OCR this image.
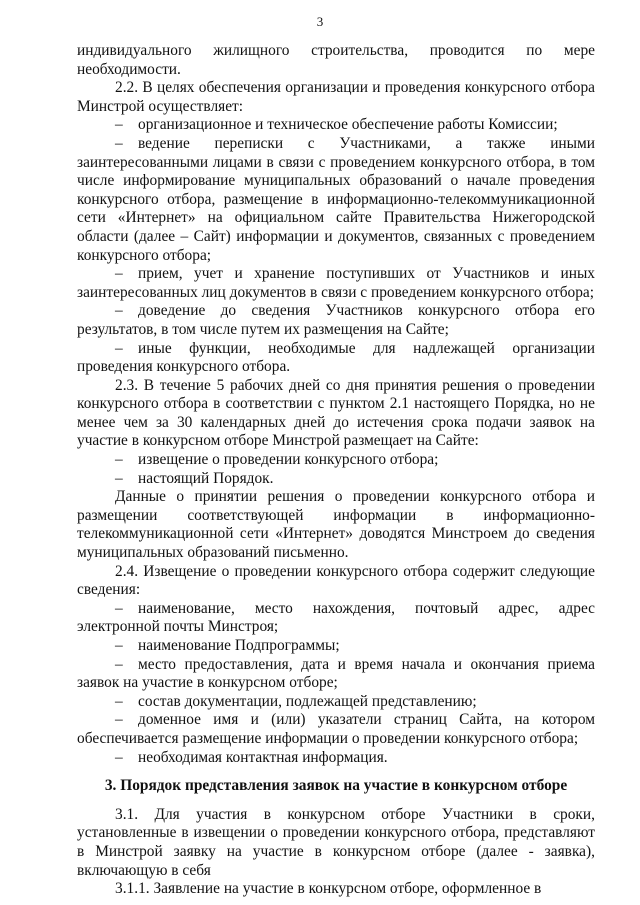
3

индивидуального жилищного строительства, проводится по мере необходимости.

2.2. В целях обеспечения организации и проведения конкурсного отбора Минстрой осуществляет:

– организационное и техническое обеспечение работы Комиссии;

– ведение переписки с Участниками, а также иными заинтересованными лицами в связи с проведением конкурсного отбора, в том числе информирование муниципальных образований о начале проведения конкурсного отбора, размещение в информационно-телекоммуникационной сети «Интернет» на официальном сайте Правительства Нижегородской области (далее – Сайт) информации и документов, связанных с проведением конкурсного отбора;

– прием, учет и хранение поступивших от Участников и иных заинтересованных лиц документов в связи с проведением конкурсного отбора;

– доведение до сведения Участников конкурсного отбора его результатов, в том числе путем их размещения на Сайте;

– иные функции, необходимые для надлежащей организации проведения конкурсного отбора.

2.3. В течение 5 рабочих дней со дня принятия решения о проведении конкурсного отбора в соответствии с пунктом 2.1 настоящего Порядка, но не менее чем за 30 календарных дней до истечения срока подачи заявок на участие в конкурсном отборе Минстрой размещает на Сайте:

– извещение о проведении конкурсного отбора;

– настоящий Порядок.

Данные о принятии решения о проведении конкурсного отбора и размещении соответствующей информации в информационно-телекоммуникационной сети «Интернет» доводятся Минстроем до сведения муниципальных образований письменно.

2.4. Извещение о проведении конкурсного отбора содержит следующие сведения:

– наименование, место нахождения, почтовый адрес, адрес электронной почты Минстроя;

– наименование Подпрограммы;

– место предоставления, дата и время начала и окончания приема заявок на участие в конкурсном отборе;

– состав документации, подлежащей представлению;

– доменное имя и (или) указатели страниц Сайта, на котором обеспечивается размещение информации о проведении конкурсного отбора;

– необходимая контактная информация.

3. Порядок представления заявок на участие в конкурсном отборе

3.1. Для участия в конкурсном отборе Участники в сроки, установленные в извещении о проведении конкурсного отбора, представляют в Минстрой заявку на участие в конкурсном отборе (далее - заявка), включающую в себя

3.1.1. Заявление на участие в конкурсном отборе, оформленное в
